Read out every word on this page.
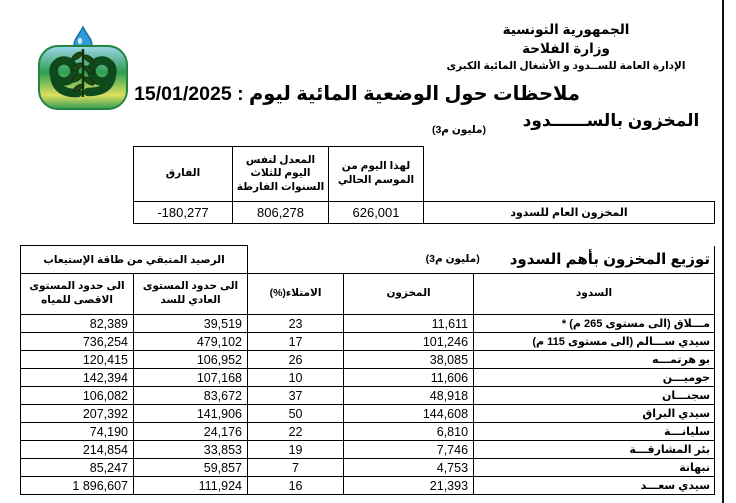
الجمهورية التونسية
وزارة الفلاحة
الإدارة العامة للســدود و الأشغال المائية الكبرى
ملاحظات حول الوضعية المائية ليوم : 15/01/2025
المخزون بالســــــدود
(مليون م3)
	لهذا اليوم من الموسم الحالي	المعدل لنفس اليوم للثلاث السنوات الفارطة	الفارق
المخزون العام للسدود	626,001	806,278	-180,277
توزيع المخزون بأهم السدود
(مليون م3)			الرصيد المتبقي من طاقة الإستيعاب	
السدود	المخزون	الامتلاء(%)	الى حدود المستوى العادي للسد	الى حدود المستوى الاقصى للمياه
مـــلاق (الى مستوى 265 م) *	11,611	23	39,519	82,389
سيدي ســـالم (الى مستوى 115 م)	101,246	17	479,102	736,254
بو هرتمـــه	38,085	26	106,952	120,415
جوميـــن	11,606	10	107,168	142,394
سجنـــان	48,918	37	83,672	106,082
سيدي البراق	144,608	50	141,906	207,392
سليانـــة	6,810	22	24,176	74,190
بئر المشارقـــة	7,746	19	33,853	214,854
نبهانة	4,753	7	59,857	85,247
سيدي سعـــد	21,393	16	111,924	1 896,607
